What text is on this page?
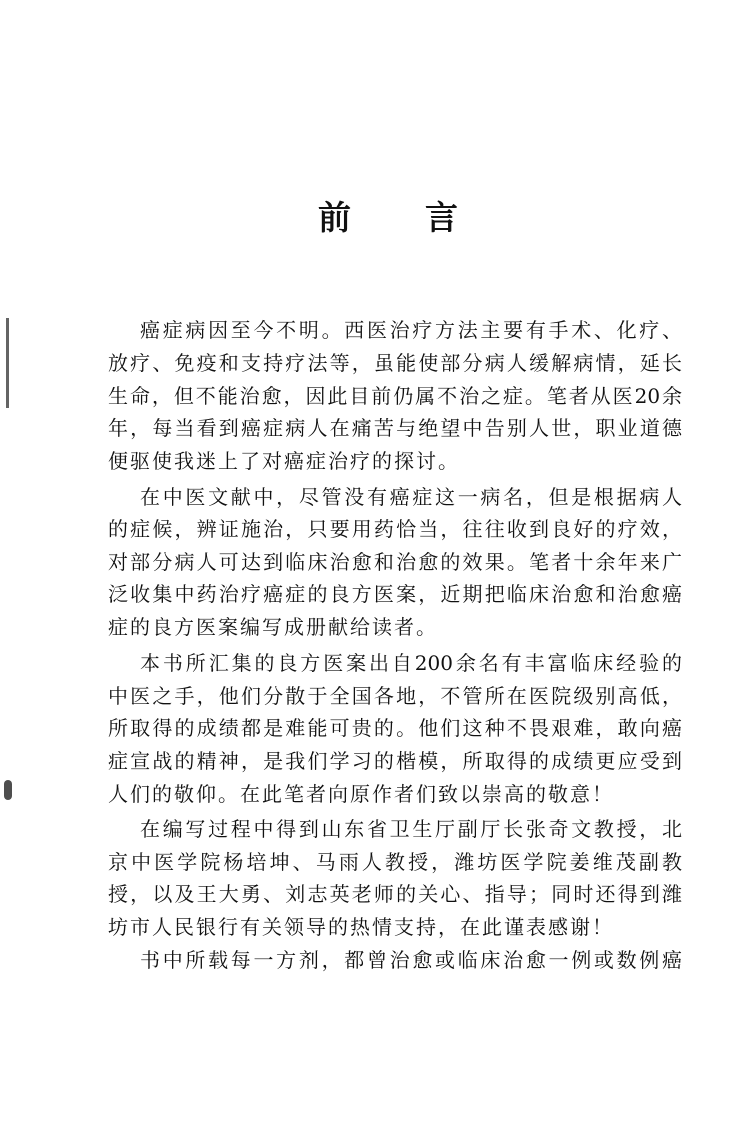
前 言
癌症病因至今不明。西医治疗方法主要有手术、化疗、
放疗、免疫和支持疗法等，虽能使部分病人缓解病情，延长
生命，但不能治愈，因此目前仍属不治之症。笔者从医20余
年，每当看到癌症病人在痛苦与绝望中告别人世，职业道德
便驱使我迷上了对癌症治疗的探讨。
在中医文献中，尽管没有癌症这一病名，但是根据病人
的症候，辨证施治，只要用药恰当，往往收到良好的疗效，
对部分病人可达到临床治愈和治愈的效果。笔者十余年来广
泛收集中药治疗癌症的良方医案，近期把临床治愈和治愈癌
症的良方医案编写成册献给读者。
本书所汇集的良方医案出自200余名有丰富临床经验的
中医之手，他们分散于全国各地，不管所在医院级别高低，
所取得的成绩都是难能可贵的。他们这种不畏艰难，敢向癌
症宣战的精神，是我们学习的楷模，所取得的成绩更应受到
人们的敬仰。在此笔者向原作者们致以崇高的敬意！
在编写过程中得到山东省卫生厅副厅长张奇文教授，北
京中医学院杨培坤、马雨人教授，潍坊医学院姜维茂副教
授，以及王大勇、刘志英老师的关心、指导；同时还得到潍
坊市人民银行有关领导的热情支持，在此谨表感谢！
书中所载每一方剂，都曾治愈或临床治愈一例或数例癌
